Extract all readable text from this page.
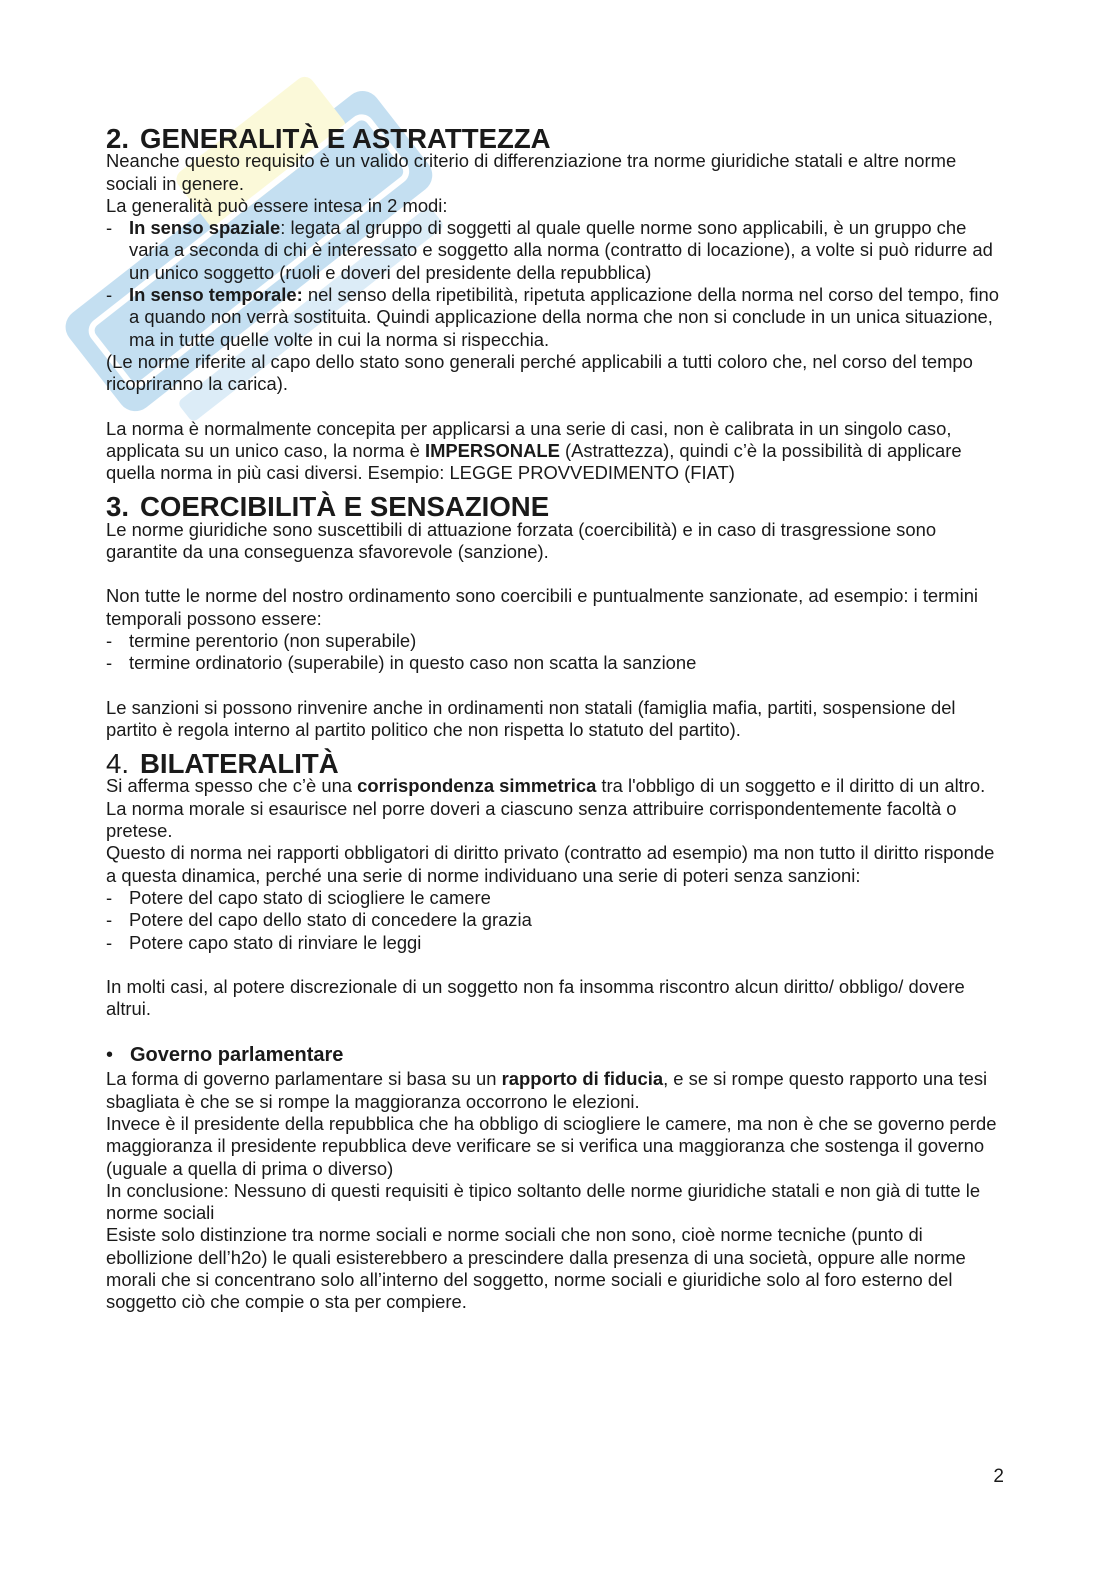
2. GENERALITÀ E ASTRATTEZZA

Neanche questo requisito è un valido criterio di differenziazione tra norme giuridiche statali e altre norme sociali in genere.

La generalità può essere intesa in 2 modi:

- In senso spaziale: legata al gruppo di soggetti al quale quelle norme sono applicabili, è un gruppo che varia a seconda di chi è interessato e soggetto alla norma (contratto di locazione), a volte si può ridurre ad un unico soggetto (ruoli e doveri del presidente della repubblica)
- In senso temporale: nel senso della ripetibilità, ripetuta applicazione della norma nel corso del tempo, fino a quando non verrà sostituita. Quindi applicazione della norma che non si conclude in un unica situazione, ma in tutte quelle volte in cui la norma si rispecchia.

(Le norme riferite al capo dello stato sono generali perché applicabili a tutti coloro che, nel corso del tempo ricopriranno la carica).

La norma è normalmente concepita per applicarsi a una serie di casi, non è calibrata in un singolo caso, applicata su un unico caso, la norma è IMPERSONALE (Astrattezza), quindi c’è la possibilità di applicare quella norma in più casi diversi. Esempio: LEGGE PROVVEDIMENTO (FIAT)

3. COERCIBILITÀ E SENSAZIONE

Le norme giuridiche sono suscettibili di attuazione forzata (coercibilità) e in caso di trasgressione sono garantite da una conseguenza sfavorevole (sanzione).

Non tutte le norme del nostro ordinamento sono coercibili e puntualmente sanzionate, ad esempio: i termini temporali possono essere:

- termine perentorio (non superabile)
- termine ordinatorio (superabile) in questo caso non scatta la sanzione

Le sanzioni si possono rinvenire anche in ordinamenti non statali (famiglia mafia, partiti, sospensione del partito è regola interno al partito politico che non rispetta lo statuto del partito).

4. BILATERALITÀ

Si afferma spesso che c’è una corrispondenza simmetrica tra l'obbligo di un soggetto e il diritto di un altro.

La norma morale si esaurisce nel porre doveri a ciascuno senza attribuire corrispondentemente facoltà o pretese.

Questo di norma nei rapporti obbligatori di diritto privato (contratto ad esempio) ma non tutto il diritto risponde a questa dinamica, perché una serie di norme individuano una serie di poteri senza sanzioni:

- Potere del capo stato di sciogliere le camere
- Potere del capo dello stato di concedere la grazia
- Potere capo stato di rinviare le leggi

In molti casi, al potere discrezionale di un soggetto non fa insomma riscontro alcun diritto/ obbligo/ dovere altrui.

• Governo parlamentare

La forma di governo parlamentare si basa su un rapporto di fiducia, e se si rompe questo rapporto una tesi sbagliata è che se si rompe la maggioranza occorrono le elezioni.

Invece è il presidente della repubblica che ha obbligo di sciogliere le camere, ma non è che se governo perde maggioranza il presidente repubblica deve verificare se si verifica una maggioranza che sostenga il governo (uguale a quella di prima o diverso)

In conclusione: Nessuno di questi requisiti è tipico soltanto delle norme giuridiche statali e non già di tutte le norme sociali

Esiste solo distinzione tra norme sociali e norme sociali che non sono, cioè norme tecniche (punto di ebollizione dell’h2o) le quali esisterebbero a prescindere dalla presenza di una società, oppure alle norme morali che si concentrano solo all’interno del soggetto, norme sociali e giuridiche solo al foro esterno del soggetto ciò che compie o sta per compiere.

2
